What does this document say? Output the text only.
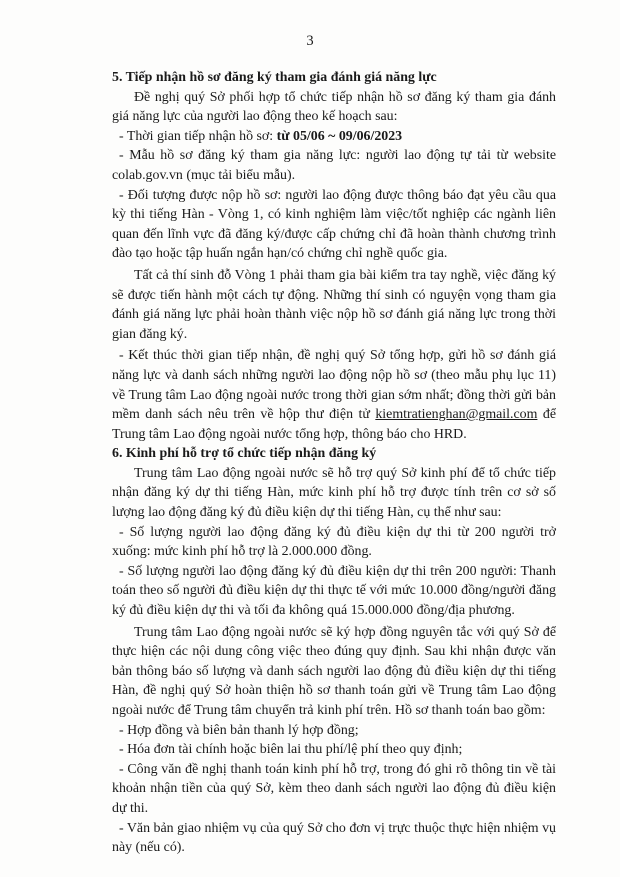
3

5. Tiếp nhận hồ sơ đăng ký tham gia đánh giá năng lực

Đề nghị quý Sở phối hợp tổ chức tiếp nhận hồ sơ đăng ký tham gia đánh giá năng lực của người lao động theo kế hoạch sau:

- Thời gian tiếp nhận hồ sơ: từ 05/06 ~ 09/06/2023

- Mẫu hồ sơ đăng ký tham gia năng lực: người lao động tự tải từ website colab.gov.vn (mục tải biểu mẫu).

- Đối tượng được nộp hồ sơ: người lao động được thông báo đạt yêu cầu qua kỳ thi tiếng Hàn - Vòng 1, có kinh nghiệm làm việc/tốt nghiệp các ngành liên quan đến lĩnh vực đã đăng ký/được cấp chứng chỉ đã hoàn thành chương trình đào tạo hoặc tập huấn ngắn hạn/có chứng chỉ nghề quốc gia.

Tất cả thí sinh đỗ Vòng 1 phải tham gia bài kiểm tra tay nghề, việc đăng ký sẽ được tiến hành một cách tự động. Những thí sinh có nguyện vọng tham gia đánh giá năng lực phải hoàn thành việc nộp hồ sơ đánh giá năng lực trong thời gian đăng ký.

- Kết thúc thời gian tiếp nhận, đề nghị quý Sở tổng hợp, gửi hồ sơ đánh giá năng lực và danh sách những người lao động nộp hồ sơ (theo mẫu phụ lục 11) về Trung tâm Lao động ngoài nước trong thời gian sớm nhất; đồng thời gửi bản mềm danh sách nêu trên về hộp thư điện tử kiemtratienghan@gmail.com để Trung tâm Lao động ngoài nước tổng hợp, thông báo cho HRD.

6. Kinh phí hỗ trợ tổ chức tiếp nhận đăng ký

Trung tâm Lao động ngoài nước sẽ hỗ trợ quý Sở kinh phí để tổ chức tiếp nhận đăng ký dự thi tiếng Hàn, mức kinh phí hỗ trợ được tính trên cơ sở số lượng lao động đăng ký đủ điều kiện dự thi tiếng Hàn, cụ thể như sau:

- Số lượng người lao động đăng ký đủ điều kiện dự thi từ 200 người trở xuống: mức kinh phí hỗ trợ là 2.000.000 đồng.

- Số lượng người lao động đăng ký đủ điều kiện dự thi trên 200 người: Thanh toán theo số người đủ điều kiện dự thi thực tế với mức 10.000 đồng/người đăng ký đủ điều kiện dự thi và tối đa không quá 15.000.000 đồng/địa phương.

Trung tâm Lao động ngoài nước sẽ ký hợp đồng nguyên tắc với quý Sở để thực hiện các nội dung công việc theo đúng quy định. Sau khi nhận được văn bản thông báo số lượng và danh sách người lao động đủ điều kiện dự thi tiếng Hàn, đề nghị quý Sở hoàn thiện hồ sơ thanh toán gửi về Trung tâm Lao động ngoài nước để Trung tâm chuyển trả kinh phí trên. Hồ sơ thanh toán bao gồm:

- Hợp đồng và biên bản thanh lý hợp đồng;

- Hóa đơn tài chính hoặc biên lai thu phí/lệ phí theo quy định;

- Công văn đề nghị thanh toán kinh phí hỗ trợ, trong đó ghi rõ thông tin về tài khoản nhận tiền của quý Sở, kèm theo danh sách người lao động đủ điều kiện dự thi.

- Văn bản giao nhiệm vụ của quý Sở cho đơn vị trực thuộc thực hiện nhiệm vụ này (nếu có).
